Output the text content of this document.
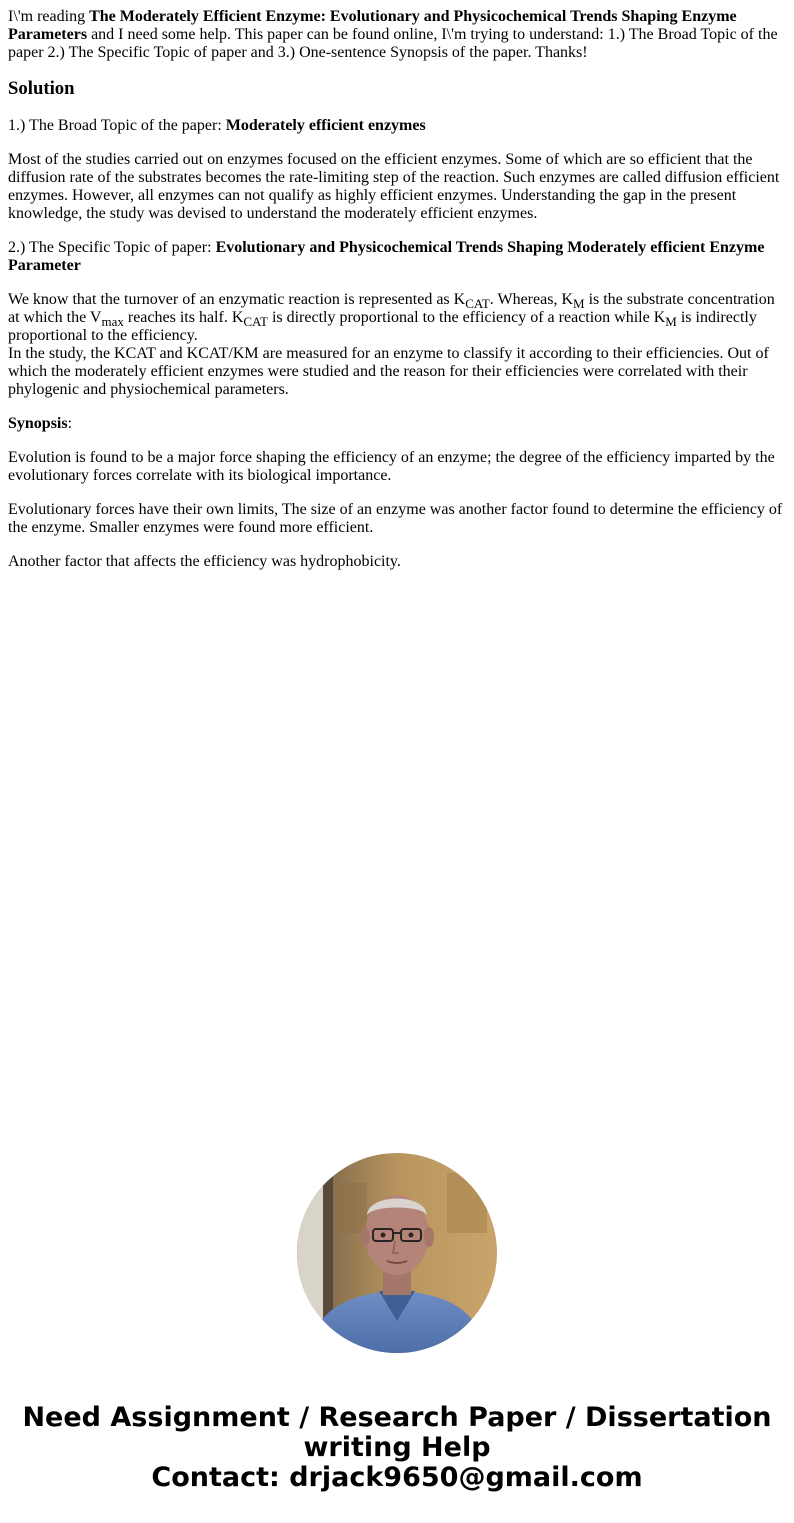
I\'m reading The Moderately Efficient Enzyme: Evolutionary and Physicochemical Trends Shaping Enzyme Parameters and I need some help. This paper can be found online, I\'m trying to understand: 1.) The Broad Topic of the paper 2.) The Specific Topic of paper and 3.) One-sentence Synopsis of the paper. Thanks!

Solution

1.) The Broad Topic of the paper: Moderately efficient enzymes

Most of the studies carried out on enzymes focused on the efficient enzymes. Some of which are so efficient that the diffusion rate of the substrates becomes the rate-limiting step of the reaction. Such enzymes are called diffusion efficient enzymes. However, all enzymes can not qualify as highly efficient enzymes. Understanding the gap in the present knowledge, the study was devised to understand the moderately efficient enzymes.

2.) The Specific Topic of paper: Evolutionary and Physicochemical Trends Shaping Moderately efficient Enzyme Parameter

We know that the turnover of an enzymatic reaction is represented as $K_{CAT}$. Whereas, $K_M$ is the substrate concentration at which the $V_{max}$ reaches its half. $K_{CAT}$ is directly proportional to the efficiency of a reaction while $K_M$ is indirectly proportional to the efficiency.
In the study, the KCAT and KCAT/KM are measured for an enzyme to classify it according to their efficiencies. Out of which the moderately efficient enzymes were studied and the reason for their efficiencies were correlated with their phylogenic and physiochemical parameters.

Synopsis:

Evolution is found to be a major force shaping the efficiency of an enzyme; the degree of the efficiency imparted by the evolutionary forces correlate with its biological importance.

Evolutionary forces have their own limits, The size of an enzyme was another factor found to determine the efficiency of the enzyme. Smaller enzymes were found more efficient.

Another factor that affects the efficiency was hydrophobicity.

Need Assignment / Research Paper / Dissertation writing Help
Contact: drjack9650@gmail.com
